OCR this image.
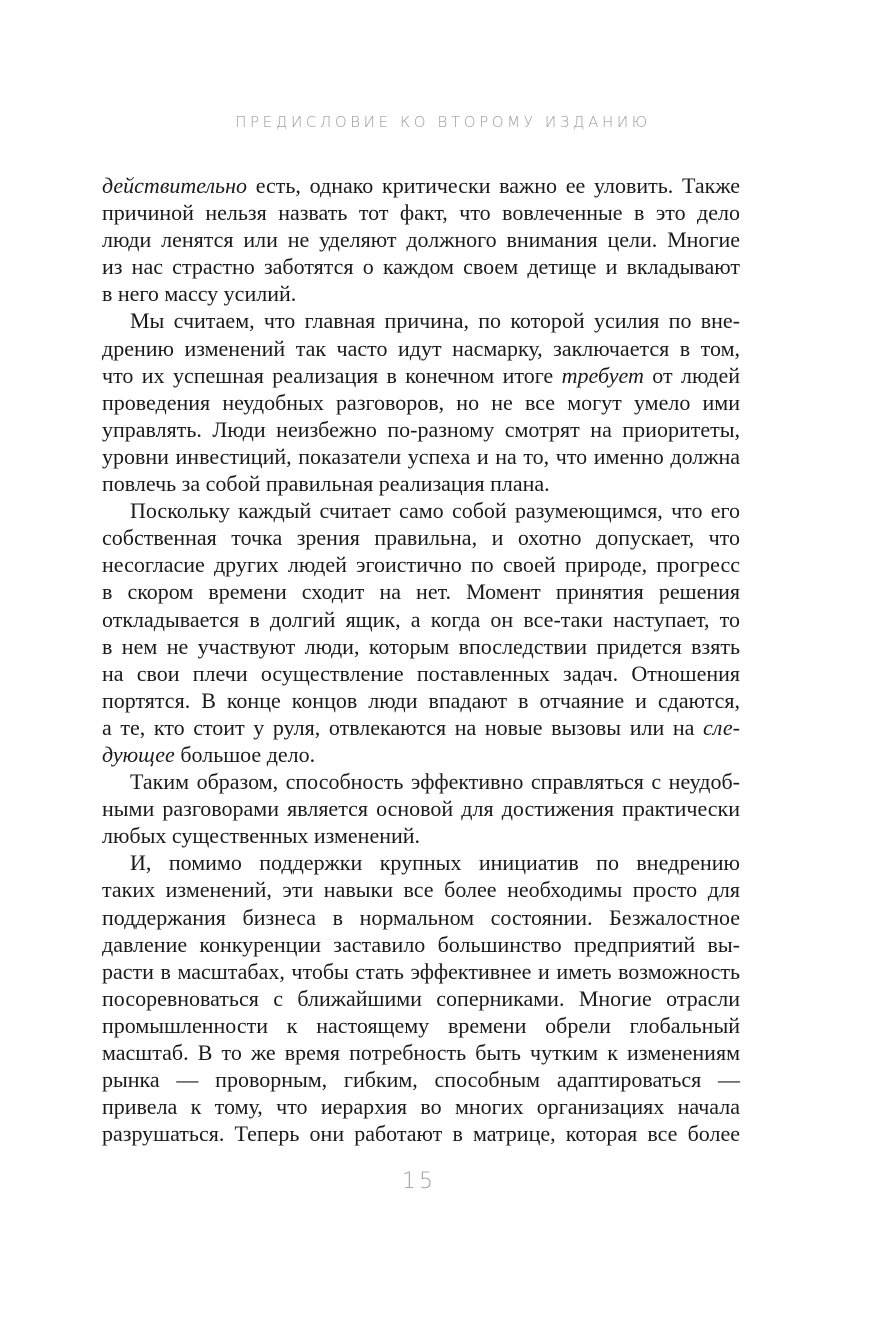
ПРЕДИСЛОВИЕ КО ВТОРОМУ ИЗДАНИЮ
действительно есть, однако критически важно ее уловить. Также
причиной нельзя назвать тот факт, что вовлеченные в это дело
люди ленятся или не уделяют должного внимания цели. Многие
из нас страстно заботятся о каждом своем детище и вкладывают
в него массу усилий.
Мы считаем, что главная причина, по которой усилия по вне-
дрению изменений так часто идут насмарку, заключается в том,
что их успешная реализация в конечном итоге требует от людей
проведения неудобных разговоров, но не все могут умело ими
управлять. Люди неизбежно по-разному смотрят на приоритеты,
уровни инвестиций, показатели успеха и на то, что именно должна
повлечь за собой правильная реализация плана.
Поскольку каждый считает само собой разумеющимся, что его
собственная точка зрения правильна, и охотно допускает, что
несогласие других людей эгоистично по своей природе, прогресс
в скором времени сходит на нет. Момент принятия решения
откладывается в долгий ящик, а когда он все-таки наступает, то
в нем не участвуют люди, которым впоследствии придется взять
на свои плечи осуществление поставленных задач. Отношения
портятся. В конце концов люди впадают в отчаяние и сдаются,
а те, кто стоит у руля, отвлекаются на новые вызовы или на сле-
дующее большое дело.
Таким образом, способность эффективно справляться с неудоб-
ными разговорами является основой для достижения практически
любых существенных изменений.
И, помимо поддержки крупных инициатив по внедрению
таких изменений, эти навыки все более необходимы просто для
поддержания бизнеса в нормальном состоянии. Безжалостное
давление конкуренции заставило большинство предприятий вы-
расти в масштабах, чтобы стать эффективнее и иметь возможность
посоревноваться с ближайшими соперниками. Многие отрасли
промышленности к настоящему времени обрели глобальный
масштаб. В то же время потребность быть чутким к изменениям
рынка — проворным, гибким, способным адаптироваться —
привела к тому, что иерархия во многих организациях начала
разрушаться. Теперь они работают в матрице, которая все более
15
